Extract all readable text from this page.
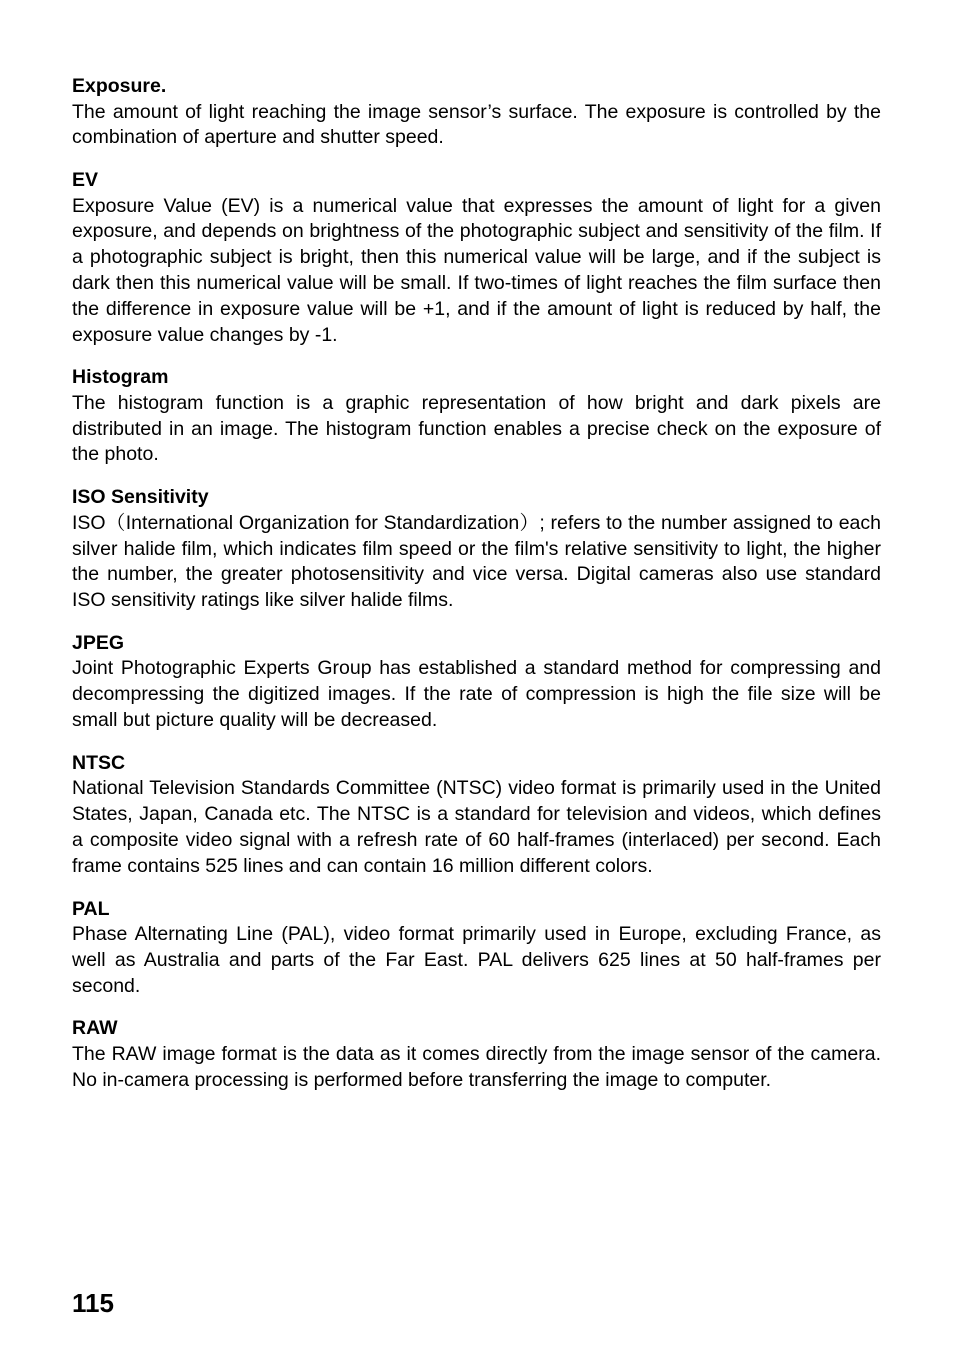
Exposure.

The amount of light reaching the image sensor’s surface. The exposure is controlled by the combination of aperture and shutter speed.

EV

Exposure Value (EV) is a numerical value that expresses the amount of light for a given exposure, and depends on brightness of the photographic subject and sensitivity of the film. If a photographic subject is bright, then this numerical value will be large, and if the subject is dark then this numerical value will be small. If two-times of light reaches the film surface then the difference in exposure value will be +1, and if the amount of light is reduced by half, the exposure value changes by -1.

Histogram

The histogram function is a graphic representation of how bright and dark pixels are distributed in an image. The histogram function enables a precise check on the exposure of the photo.

ISO Sensitivity

ISO（International Organization for Standardization）; refers to the number assigned to each silver halide film, which indicates film speed or the film's relative sensitivity to light, the higher the number, the greater photosensitivity and vice versa. Digital cameras also use standard ISO sensitivity ratings like silver halide films.

JPEG

Joint Photographic Experts Group has established a standard method for compressing and decompressing the digitized images. If the rate of compression is high the file size will be small but picture quality will be decreased.

NTSC

National Television Standards Committee (NTSC) video format is primarily used in the United States, Japan, Canada etc. The NTSC is a standard for television and videos, which defines a composite video signal with a refresh rate of 60 half-frames (interlaced) per second. Each frame contains 525 lines and can contain 16 million different colors.

PAL

Phase Alternating Line (PAL), video format primarily used in Europe, excluding France, as well as Australia and parts of the Far East. PAL delivers 625 lines at 50 half-frames per second.

RAW

The RAW image format is the data as it comes directly from the image sensor of the camera. No in-camera processing is performed before transferring the image to computer.

115
